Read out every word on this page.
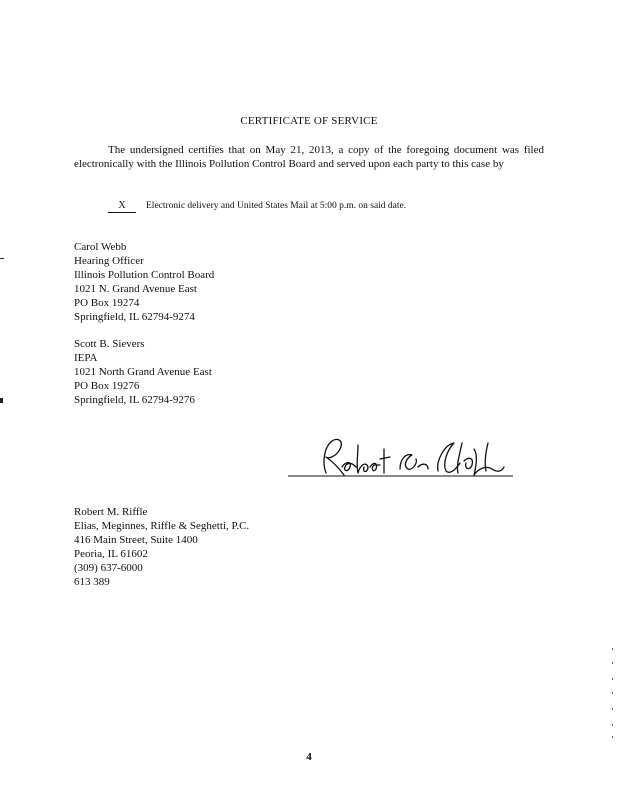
CERTIFICATE OF SERVICE
The undersigned certifies that on May 21, 2013, a copy of the foregoing document was filed electronically with the Illinois Pollution Control Board and served upon each party to this case by
X Electronic delivery and United States Mail at 5:00 p.m. on said date.
Carol Webb
Hearing Officer
Illinois Pollution Control Board
1021 N. Grand Avenue East
PO Box 19274
Springfield, IL 62794-9274
Scott B. Sievers
IEPA
1021 North Grand Avenue East
PO Box 19276
Springfield, IL 62794-9276
Robert M. Riffle
Elias, Meginnes, Riffle & Seghetti, P.C.
416 Main Street, Suite 1400
Peoria, IL 61602
(309) 637-6000
613 389
4
